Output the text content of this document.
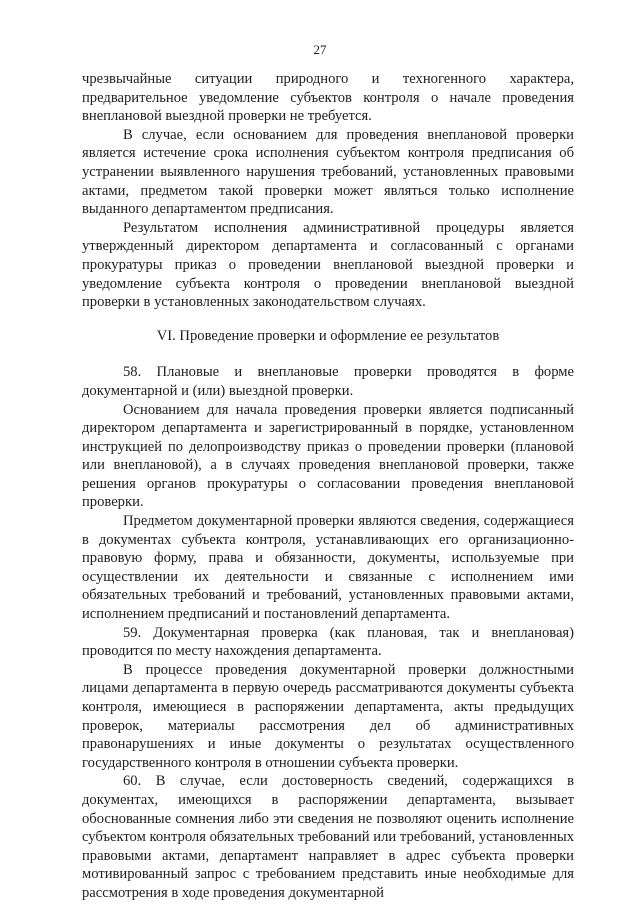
27

чрезвычайные ситуации природного и техногенного характера, предварительное уведомление субъектов контроля о начале проведения внеплановой выездной проверки не требуется.

В случае, если основанием для проведения внеплановой проверки является истечение срока исполнения субъектом контроля предписания об устранении выявленного нарушения требований, установленных правовыми актами, предметом такой проверки может являться только исполнение выданного департаментом предписания.

Результатом исполнения административной процедуры является утвержденный директором департамента и согласованный с органами прокуратуры приказ о проведении внеплановой выездной проверки и уведомление субъекта контроля о проведении внеплановой выездной проверки в установленных законодательством случаях.

VI. Проведение проверки и оформление ее результатов

58. Плановые и внеплановые проверки проводятся в форме документарной и (или) выездной проверки.

Основанием для начала проведения проверки является подписанный директором департамента и зарегистрированный в порядке, установленном инструкцией по делопроизводству приказ о проведении проверки (плановой или внеплановой), а в случаях проведения внеплановой проверки, также решения органов прокуратуры о согласовании проведения внеплановой проверки.

Предметом документарной проверки являются сведения, содержащиеся в документах субъекта контроля, устанавливающих его организационно-правовую форму, права и обязанности, документы, используемые при осуществлении их деятельности и связанные с исполнением ими обязательных требований и требований, установленных правовыми актами, исполнением предписаний и постановлений департамента.

59. Документарная проверка (как плановая, так и внеплановая) проводится по месту нахождения департамента.

В процессе проведения документарной проверки должностными лицами департамента в первую очередь рассматриваются документы субъекта контроля, имеющиеся в распоряжении департамента, акты предыдущих проверок, материалы рассмотрения дел об административных правонарушениях и иные документы о результатах осуществленного государственного контроля в отношении субъекта проверки.

60. В случае, если достоверность сведений, содержащихся в документах, имеющихся в распоряжении департамента, вызывает обоснованные сомнения либо эти сведения не позволяют оценить исполнение субъектом контроля обязательных требований или требований, установленных правовыми актами, департамент направляет в адрес субъекта проверки мотивированный запрос с требованием представить иные необходимые для рассмотрения в ходе проведения документарной
